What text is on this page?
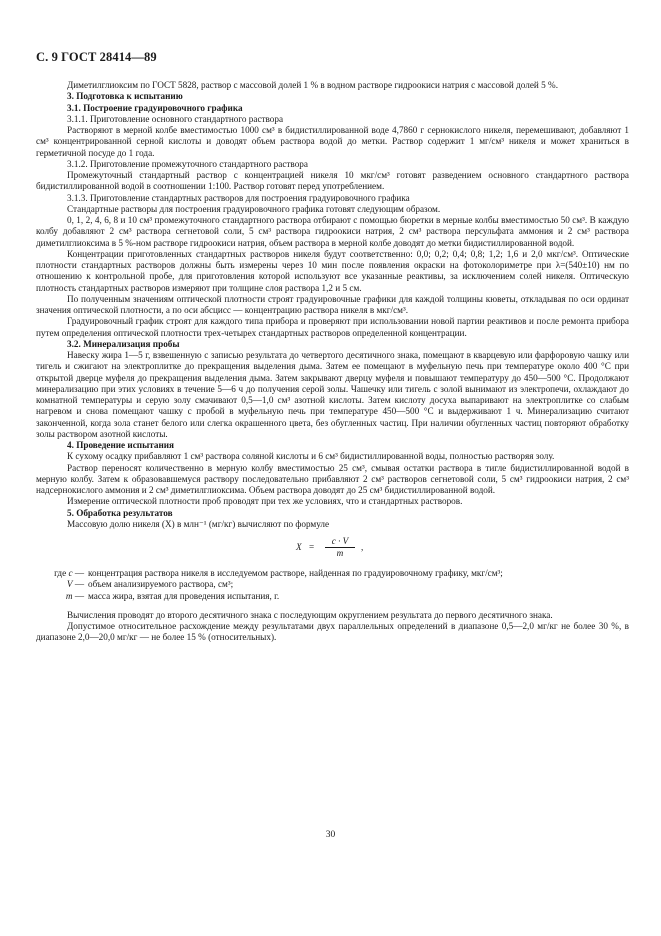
С. 9 ГОСТ 28414—89

Диметилглиоксим по ГОСТ 5828, раствор с массовой долей 1 % в водном растворе гидроокиси натрия с массовой долей 5 %.

3. Подготовка к испытанию

3.1. Построение градуировочного графика

3.1.1. Приготовление основного стандартного раствора

Растворяют в мерной колбе вместимостью 1000 см³ в бидистиллированной воде 4,7860 г сернокислого никеля, перемешивают, добавляют 1 см³ концентрированной серной кислоты и доводят объем раствора водой до метки. Раствор содержит 1 мг/см³ никеля и может храниться в герметичной посуде до 1 года.

3.1.2. Приготовление промежуточного стандартного раствора

Промежуточный стандартный раствор с концентрацией никеля 10 мкг/см³ готовят разведением основного стандартного раствора бидистиллированной водой в соотношении 1:100. Раствор готовят перед употреблением.

3.1.3. Приготовление стандартных растворов для построения градуировочного графика

Стандартные растворы для построения градуировочного графика готовят следующим образом.

0, 1, 2, 4, 6, 8 и 10 см³ промежуточного стандартного раствора отбирают с помощью бюретки в мерные колбы вместимостью 50 см³. В каждую колбу добавляют 2 см³ раствора сегнетовой соли, 5 см³ раствора гидроокиси натрия, 2 см³ раствора персульфата аммония и 2 см³ раствора диметилглиоксима в 5 %-ном растворе гидроокиси натрия, объем раствора в мерной колбе доводят до метки бидистиллированной водой.

Концентрации приготовленных стандартных растворов никеля будут соответственно: 0,0; 0,2; 0,4; 0,8; 1,2; 1,6 и 2,0 мкг/см³. Оптические плотности стандартных растворов должны быть измерены через 10 мин после появления окраски на фотоколориметре при λ=(540±10) нм по отношению к контрольной пробе, для приготовления которой используют все указанные реактивы, за исключением солей никеля. Оптическую плотность стандартных растворов измеряют при толщине слоя раствора 1,2 и 5 см.

По полученным значениям оптической плотности строят градуировочные графики для каждой толщины кюветы, откладывая по оси ординат значения оптической плотности, а по оси абсцисс — концентрацию раствора никеля в мкг/см³.

Градуировочный график строят для каждого типа прибора и проверяют при использовании новой партии реактивов и после ремонта прибора путем определения оптической плотности трех-четырех стандартных растворов определенной концентрации.

3.2. Минерализация пробы

Навеску жира 1—5 г, взвешенную с записью результата до четвертого десятичного знака, помещают в кварцевую или фарфоровую чашку или тигель и сжигают на электроплитке до прекращения выделения дыма. Затем ее помещают в муфельную печь при температуре около 400 °С при открытой дверце муфеля до прекращения выделения дыма. Затем закрывают дверцу муфеля и повышают температуру до 450—500 °С. Продолжают минерализацию при этих условиях в течение 5—6 ч до получения серой золы. Чашечку или тигель с золой вынимают из электропечи, охлаждают до комнатной температуры и серую золу смачивают 0,5—1,0 см³ азотной кислоты. Затем кислоту досуха выпаривают на электроплитке со слабым нагревом и снова помещают чашку с пробой в муфельную печь при температуре 450—500 °С и выдерживают 1 ч. Минерализацию считают законченной, когда зола станет белого или слегка окрашенного цвета, без обугленных частиц. При наличии обугленных частиц повторяют обработку золы раствором азотной кислоты.

4. Проведение испытания

К сухому осадку прибавляют 1 см³ раствора соляной кислоты и 6 см³ бидистиллированной воды, полностью растворяя золу.

Раствор переносят количественно в мерную колбу вместимостью 25 см³, смывая остатки раствора в тигле бидистиллированной водой в мерную колбу. Затем к образовавшемуся раствору последовательно прибавляют 2 см³ растворов сегнетовой соли, 5 см³ гидроокиси натрия, 2 см³ надсернокислого аммония и 2 см³ диметилглиоксима. Объем раствора доводят до 25 см³ бидистиллированной водой.

Измерение оптической плотности проб проводят при тех же условиях, что и стандартных растворов.

5. Обработка результатов

Массовую долю никеля (X) в млн⁻¹ (мг/кг) вычисляют по формуле

$X = \frac{c \cdot V}{m}$ ,
где c — концентрация раствора никеля в исследуемом растворе, найденная по градуировочному графику, мкг/см³;
V — объем анализируемого раствора, см³;
m — масса жира, взятая для проведения испытания, г.

Вычисления проводят до второго десятичного знака с последующим округлением результата до первого десятичного знака.

Допустимое относительное расхождение между результатами двух параллельных определений в диапазоне 0,5—2,0 мг/кг не более 30 %, в диапазоне 2,0—20,0 мг/кг — не более 15 % (относительных).

30
